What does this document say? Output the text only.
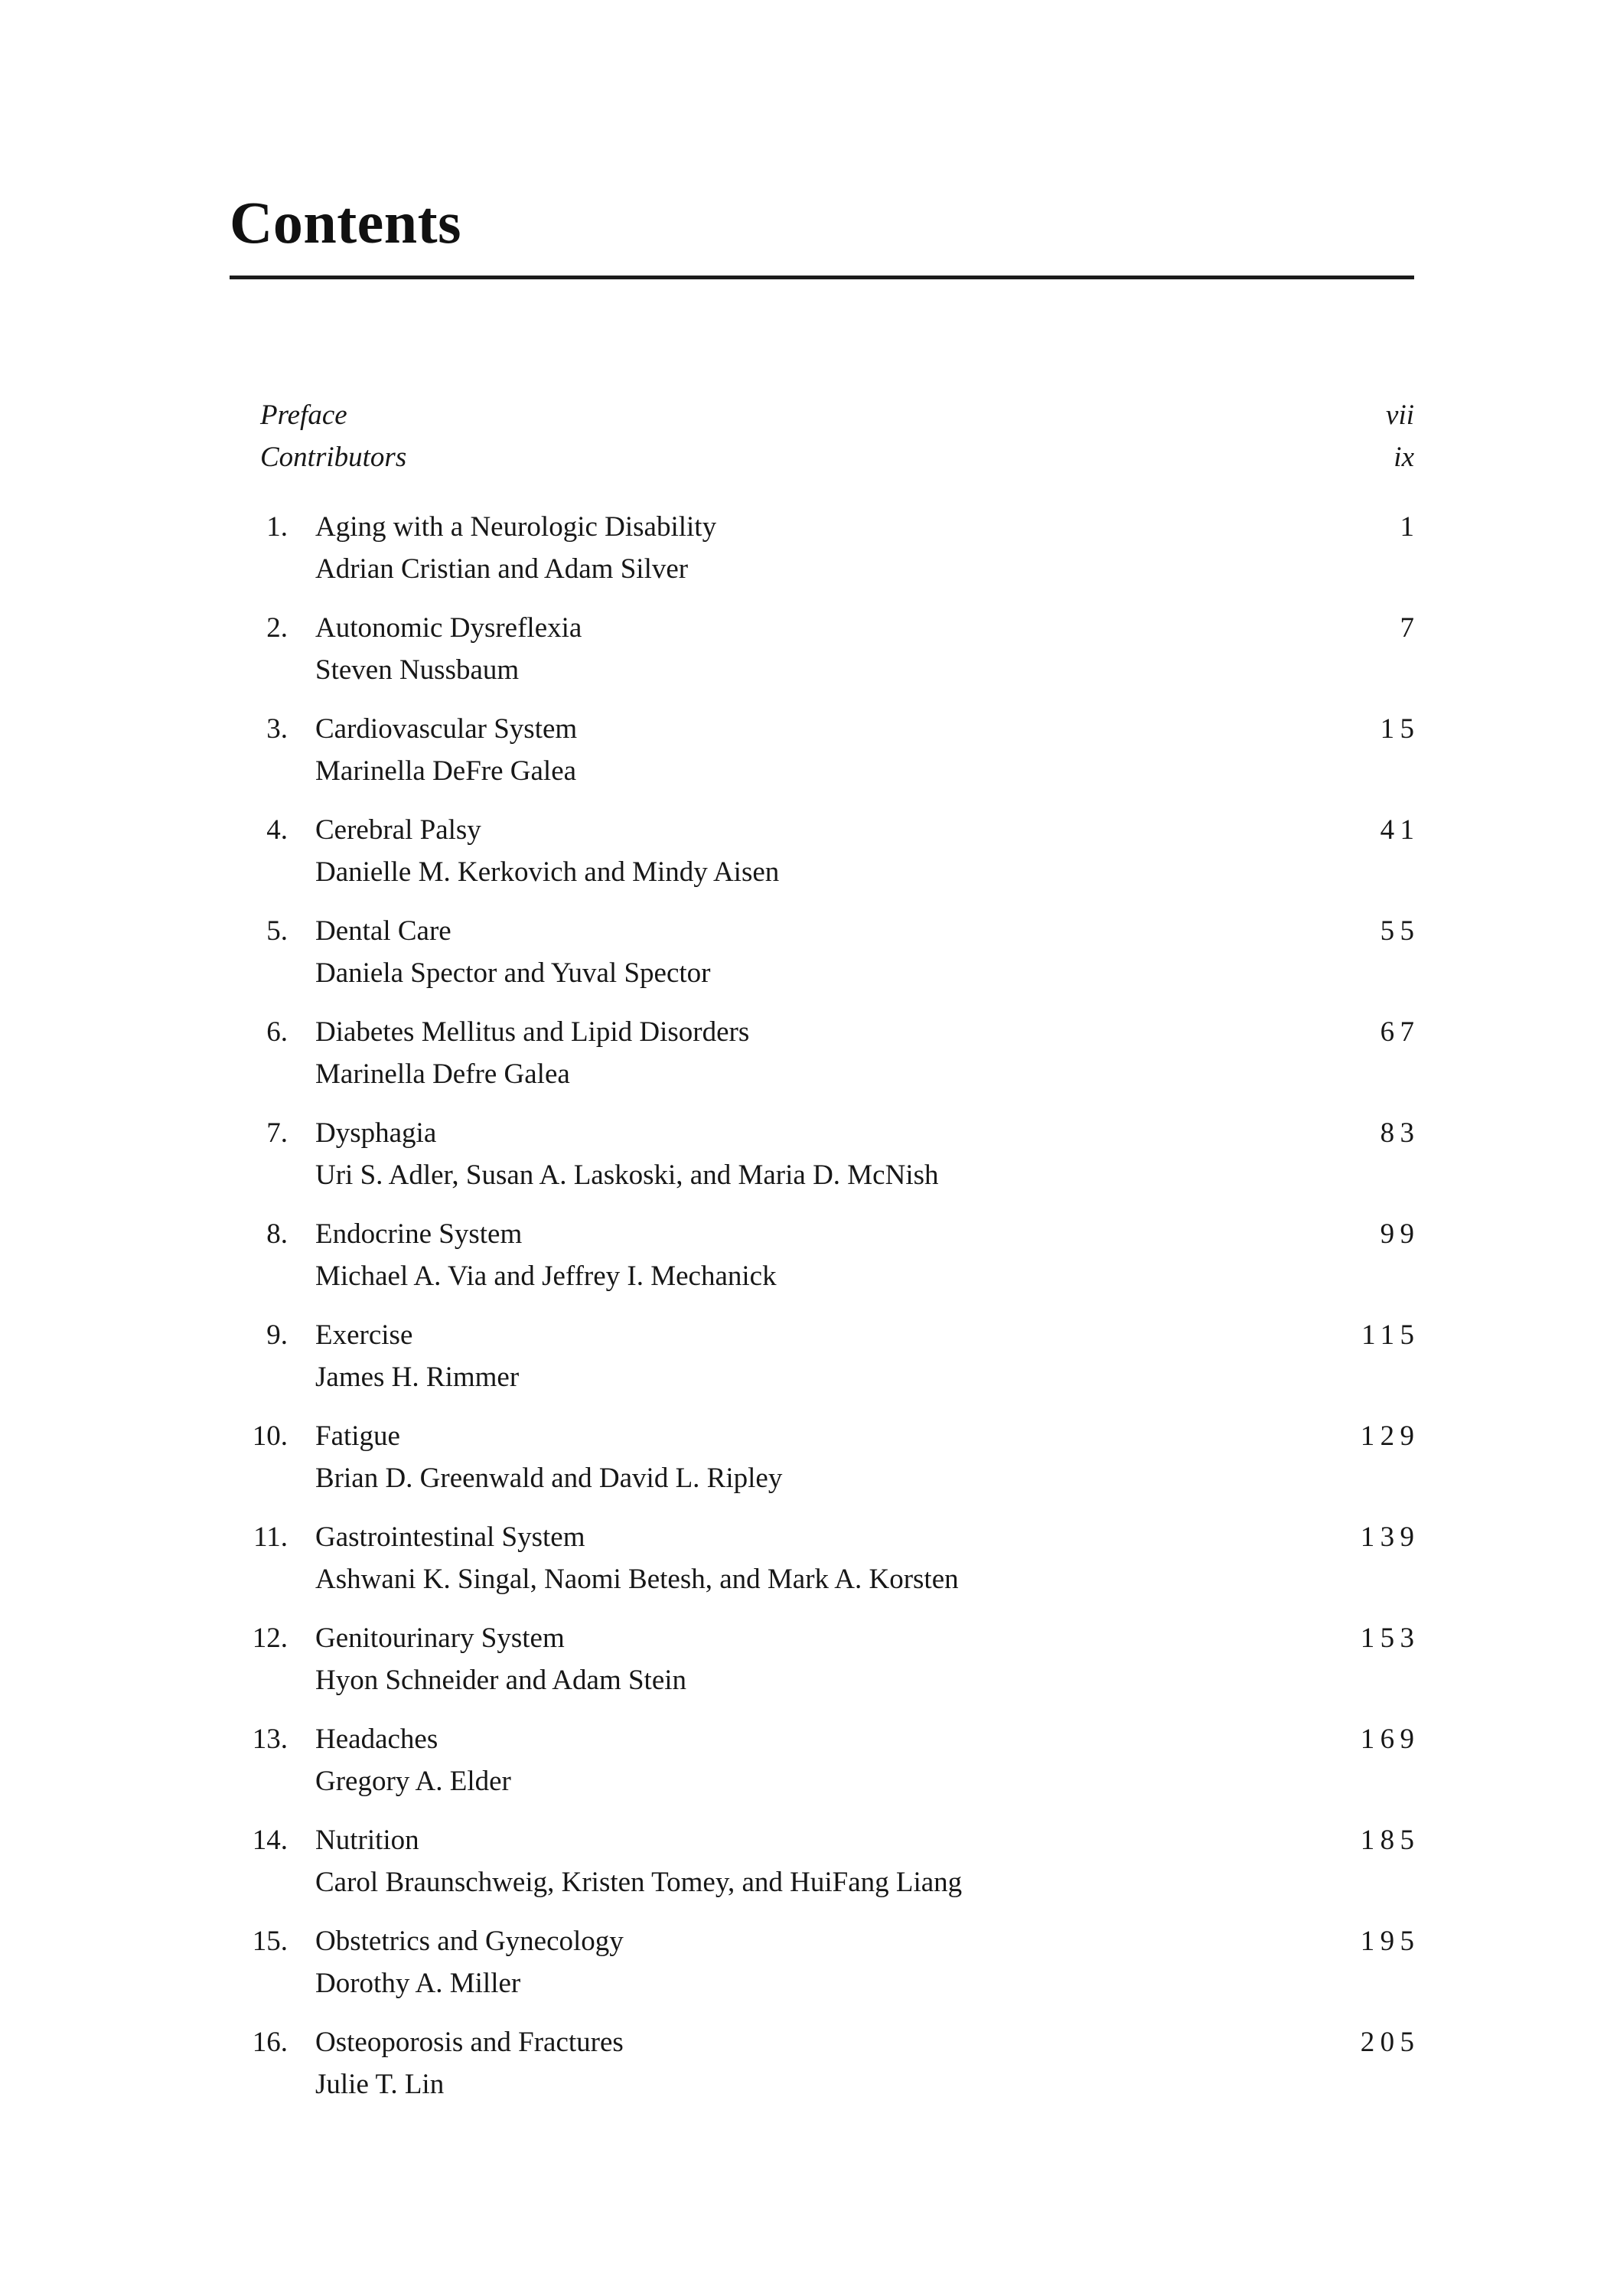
Contents
Preface	vii
Contributors	ix
1. Aging with a Neurologic Disability	1
Adrian Cristian and Adam Silver
2. Autonomic Dysreflexia	7
Steven Nussbaum
3. Cardiovascular System	15
Marinella DeFre Galea
4. Cerebral Palsy	41
Danielle M. Kerkovich and Mindy Aisen
5. Dental Care	55
Daniela Spector and Yuval Spector
6. Diabetes Mellitus and Lipid Disorders	67
Marinella Defre Galea
7. Dysphagia	83
Uri S. Adler, Susan A. Laskoski, and Maria D. McNish
8. Endocrine System	99
Michael A. Via and Jeffrey I. Mechanick
9. Exercise	115
James H. Rimmer
10. Fatigue	129
Brian D. Greenwald and David L. Ripley
11. Gastrointestinal System	139
Ashwani K. Singal, Naomi Betesh, and Mark A. Korsten
12. Genitourinary System	153
Hyon Schneider and Adam Stein
13. Headaches	169
Gregory A. Elder
14. Nutrition	185
Carol Braunschweig, Kristen Tomey, and HuiFang Liang
15. Obstetrics and Gynecology	195
Dorothy A. Miller
16. Osteoporosis and Fractures	205
Julie T. Lin
